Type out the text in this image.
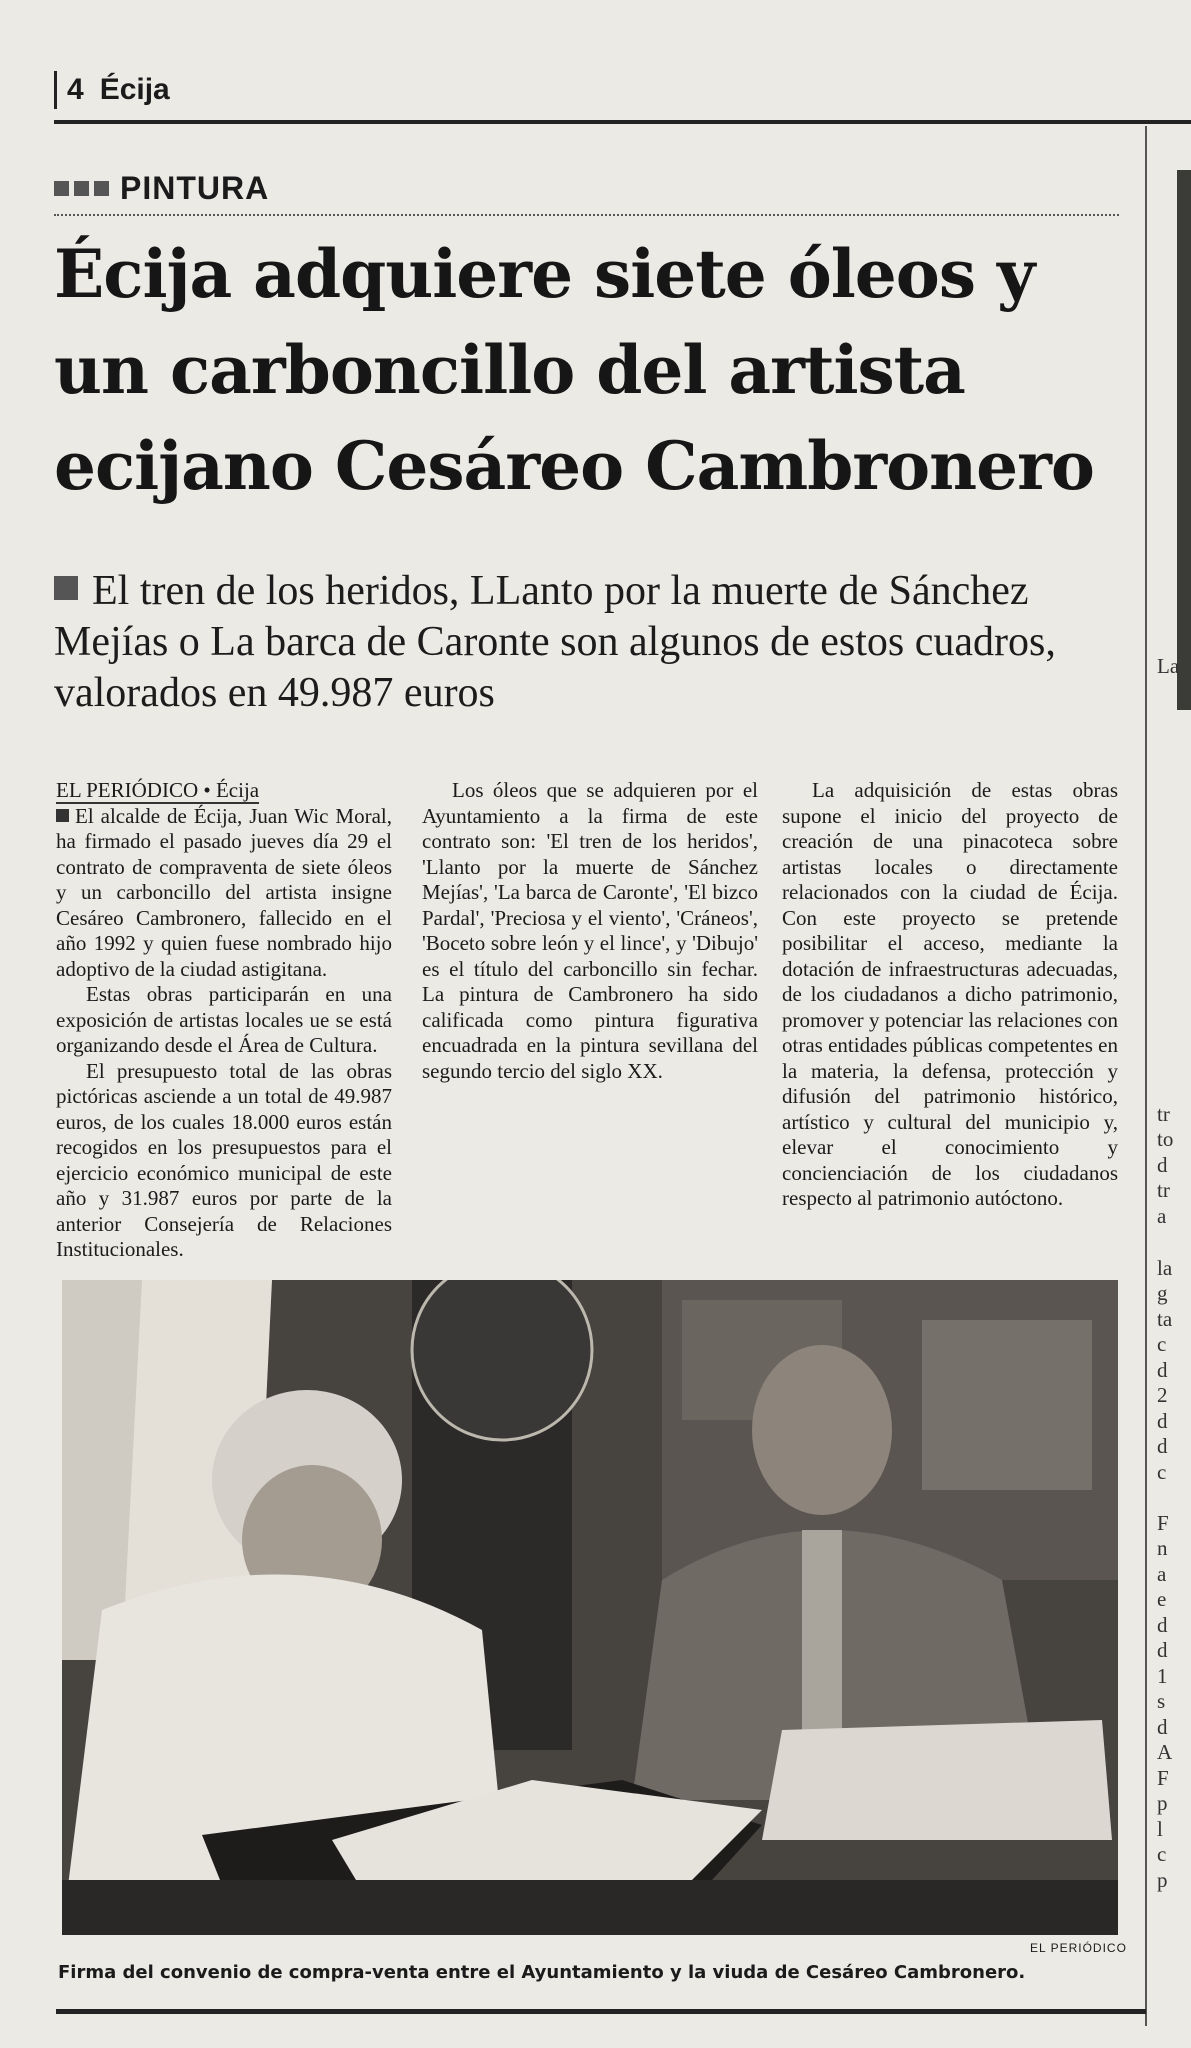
4 Écija
PINTURA
Écija adquiere siete óleos y un carboncillo del artista ecijano Cesáreo Cambronero

El tren de los heridos, LLanto por la muerte de Sánchez Mejías o La barca de Caronte son algunos de estos cuadros, valorados en 49.987 euros

EL PERIÓDICO • Écija

El alcalde de Écija, Juan Wic Moral, ha firmado el pasado jueves día 29 el contrato de compraventa de siete óleos y un carboncillo del artista insigne Cesáreo Cambronero, fallecido en el año 1992 y quien fuese nombrado hijo adoptivo de la ciudad astigitana.

Estas obras participarán en una exposición de artistas locales ue se está organizando desde el Área de Cultura.

El presupuesto total de las obras pictóricas asciende a un total de 49.987 euros, de los cuales 18.000 euros están recogidos en los presupuestos para el ejercicio económico municipal de este año y 31.987 euros por parte de la anterior Consejería de Relaciones Institucionales.

Los óleos que se adquieren por el Ayuntamiento a la firma de este contrato son: 'El tren de los heridos', 'Llanto por la muerte de Sánchez Mejías', 'La barca de Caronte', 'El bizco Pardal', 'Preciosa y el viento', 'Cráneos', 'Boceto sobre león y el lince', y 'Dibujo' es el título del carboncillo sin fechar. La pintura de Cambronero ha sido calificada como pintura figurativa encuadrada en la pintura sevillana del segundo tercio del siglo XX.

La adquisición de estas obras supone el inicio del proyecto de creación de una pinacoteca sobre artistas locales o directamente relacionados con la ciudad de Écija. Con este proyecto se pretende posibilitar el acceso, mediante la dotación de infraestructuras adecuadas, de los ciudadanos a dicho patrimonio, promover y potenciar las relaciones con otras entidades públicas competentes en la materia, la defensa, protección y difusión del patrimonio histórico, artístico y cultural del municipio y, elevar el conocimiento y concienciación de los ciudadanos respecto al patrimonio autóctono.

EL PERIÓDICO
Firma del convenio de compra-venta entre el Ayuntamiento y la viuda de Cesáreo Cambronero.
La
tr
to
d
tr
a
la
g
ta
c
d
2
d
d
c
F
n
a
e
d
d
1
s
d
A
F
p
l
c
p
